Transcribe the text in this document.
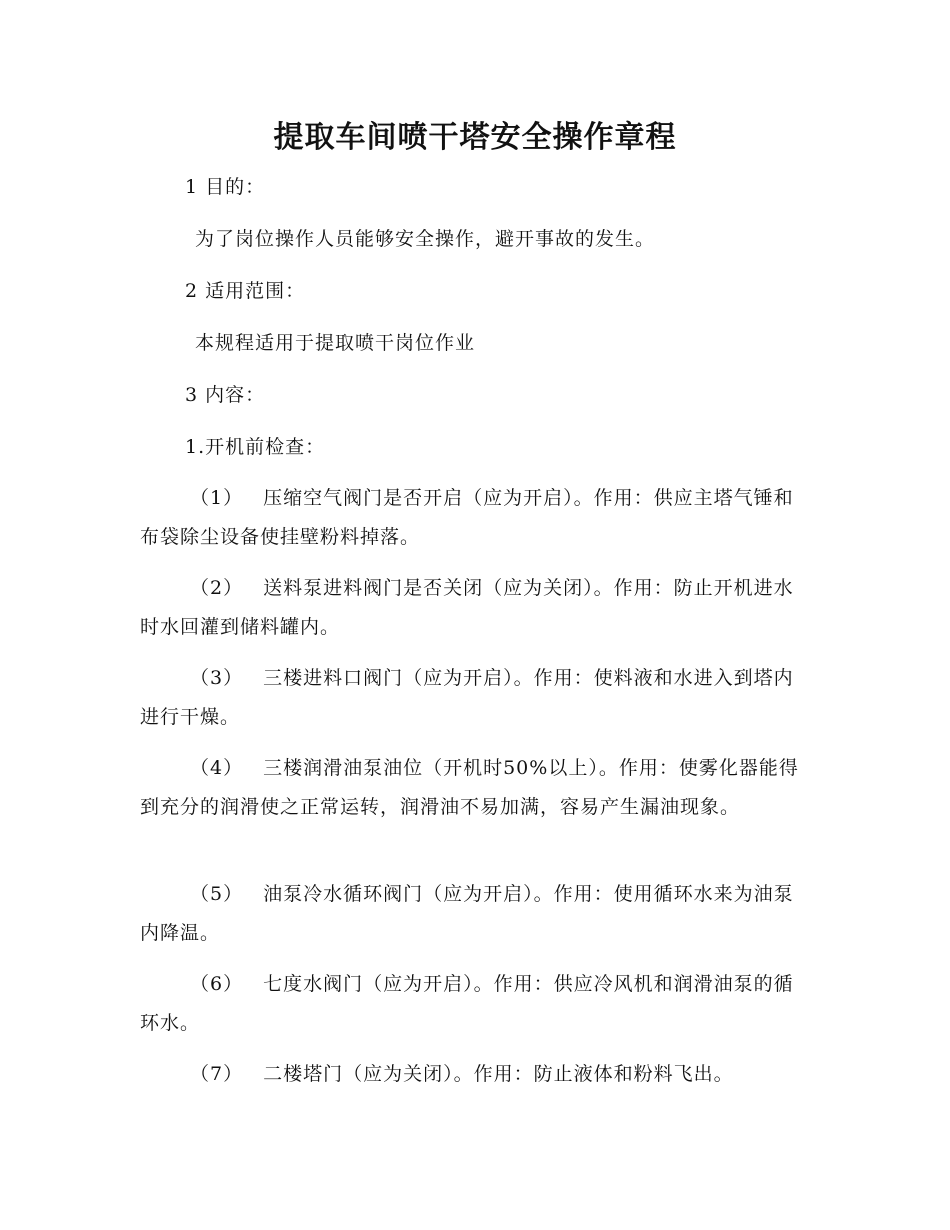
提取车间喷干塔安全操作章程

1 目的：

为了岗位操作人员能够安全操作，避开事故的发生。

2 适用范围：

本规程适用于提取喷干岗位作业

3 内容：

1.开机前检查：

（1） 压缩空气阀门是否开启（应为开启）。作用：供应主塔气锤和布袋除尘设备使挂壁粉料掉落。

（2） 送料泵进料阀门是否关闭（应为关闭）。作用：防止开机进水时水回灌到储料罐内。

（3） 三楼进料口阀门（应为开启）。作用：使料液和水进入到塔内进行干燥。

（4） 三楼润滑油泵油位（开机时50%以上）。作用：使雾化器能得到充分的润滑使之正常运转，润滑油不易加满，容易产生漏油现象。

（5） 油泵冷水循环阀门（应为开启）。作用：使用循环水来为油泵内降温。

（6） 七度水阀门（应为开启）。作用：供应冷风机和润滑油泵的循环水。

（7） 二楼塔门（应为关闭）。作用：防止液体和粉料飞出。
